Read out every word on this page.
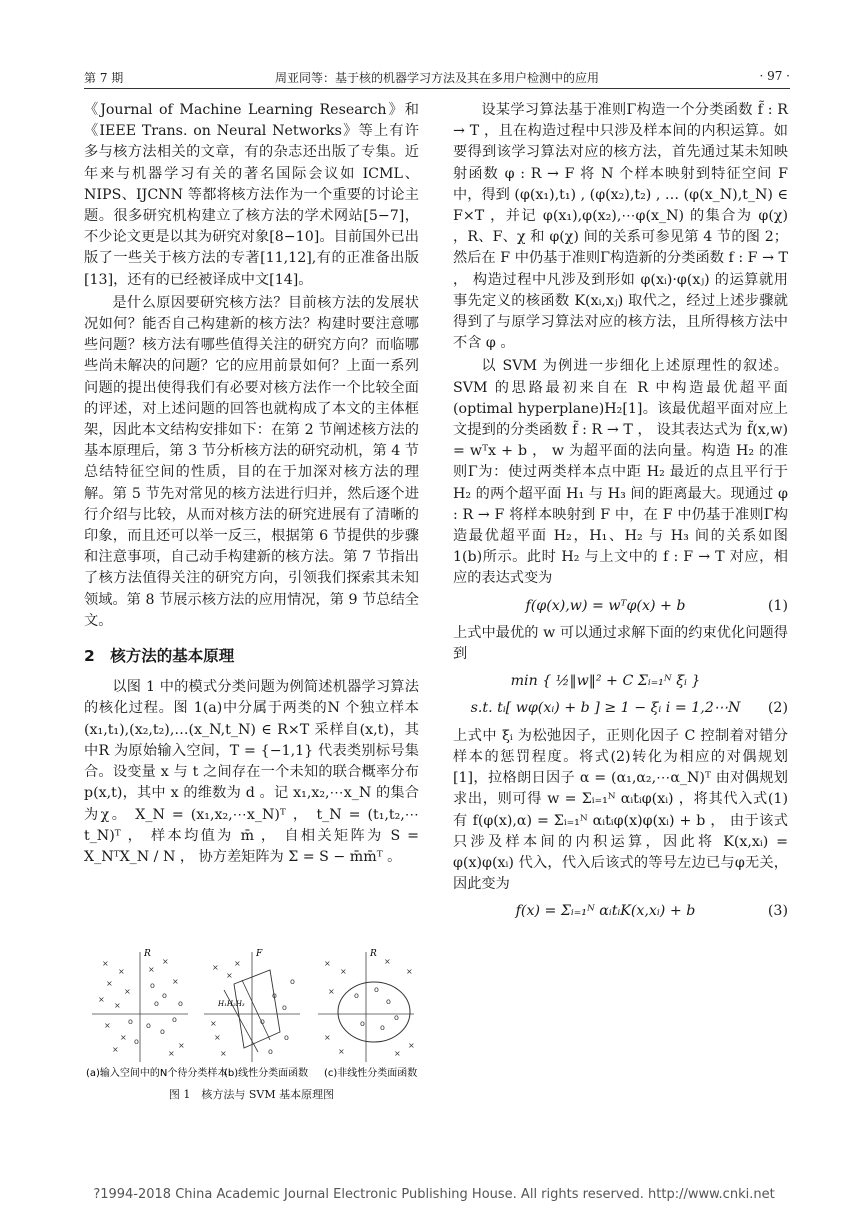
第 7 期	周亚同等：基于核的机器学习方法及其在多用户检测中的应用	· 97 ·

《Journal of Machine Learning Research》和《IEEE Trans. on Neural Networks》等上有许多与核方法相关的文章，有的杂志还出版了专集。近年来与机器学习有关的著名国际会议如 ICML、NIPS、IJCNN 等都将核方法作为一个重要的讨论主题。很多研究机构建立了核方法的学术网站[5−7]，不少论文更是以其为研究对象[8−10]。目前国外已出版了一些关于核方法的专著[11,12],有的正准备出版[13]，还有的已经被译成中文[14]。

是什么原因要研究核方法？目前核方法的发展状况如何？能否自己构建新的核方法？构建时要注意哪些问题？核方法有哪些值得关注的研究方向？而临哪些尚未解决的问题？它的应用前景如何？上面一系列问题的提出使得我们有必要对核方法作一个比较全面的评述，对上述问题的回答也就构成了本文的主体框架，因此本文结构安排如下：在第 2 节阐述核方法的基本原理后，第 3 节分析核方法的研究动机，第 4 节总结特征空间的性质，目的在于加深对核方法的理解。第 5 节先对常见的核方法进行归并，然后逐个进行介绍与比较，从而对核方法的研究进展有了清晰的印象，而且还可以举一反三，根据第 6 节提供的步骤和注意事项，自己动手构建新的核方法。第 7 节指出了核方法值得关注的研究方向，引领我们探索其未知领域。第 8 节展示核方法的应用情况，第 9 节总结全文。

2　核方法的基本原理

以图 1 中的模式分类问题为例简述机器学习算法的核化过程。图 1(a)中分属于两类的N 个独立样本(x₁,t₁),(x₂,t₂),…(x_N,t_N) ∈ R×T 采样自(x,t)，其中R 为原始输入空间，T = {−1,1} 代表类别标号集合。设变量 x 与 t 之间存在一个未知的联合概率分布 p(x,t)，其中 x 的维数为 d 。记 x₁,x₂,⋯x_N 的集合为χ。 X_N = (x₁,x₂,⋯x_N)ᵀ ， t_N = (t₁,t₂,⋯t_N)ᵀ ， 样本均值为 m̄ ， 自相关矩阵为 S = X_NᵀX_N / N ， 协方差矩阵为 Σ = S − m̄m̄ᵀ 。

R
×
×
×
×
×
×
×
×
×
×
×
×	×
×
o
o
o
o
o
o
o
o
o
F
H₁H₂H₃
×
×
×
×
×
×
o
o
o
o
o
o
R
×
×
×
×
×
×
×	×
×
o
o
o
o o
o
(a)输入空间中的N个待分类样本
(b)线性分类面函数 (c)非线性分类面函数
图 1　核方法与 SVM 基本原理图

设某学习算法基于准则Γ构造一个分类函数 f̃ : R → T ，且在构造过程中只涉及样本间的内积运算。如要得到该学习算法对应的核方法，首先通过某未知映射函数 φ : R → F 将 N 个样本映射到特征空间 F 中，得到 (φ(x₁),t₁) , (φ(x₂),t₂) , … (φ(x_N),t_N) ∈ F×T ，并记 φ(x₁),φ(x₂),⋯φ(x_N) 的集合为 φ(χ) ，R、F、χ 和 φ(χ) 间的关系可参见第 4 节的图 2；然后在 F 中仍基于准则Γ构造新的分类函数 f : F → T ， 构造过程中凡涉及到形如 φ(xᵢ)·φ(xⱼ) 的运算就用事先定义的核函数 K(xᵢ,xⱼ) 取代之，经过上述步骤就得到了与原学习算法对应的核方法，且所得核方法中不含 φ 。

以 SVM 为例进一步细化上述原理性的叙述。SVM 的思路最初来自在 R 中构造最优超平面 (optimal hyperplane)H₂[1]。该最优超平面对应上文提到的分类函数 f̃ : R → T ， 设其表达式为 f̃(x,w) = wᵀx + b ， w 为超平面的法向量。构造 H₂ 的准则Γ为：使过两类样本点中距 H₂ 最近的点且平行于 H₂ 的两个超平面 H₁ 与 H₃ 间的距离最大。现通过 φ : R → F 将样本映射到 F 中，在 F 中仍基于准则Γ构造最优超平面 H₂，H₁、H₂ 与 H₃ 间的关系如图 1(b)所示。此时 H₂ 与上文中的 f : F → T 对应，相应的表达式变为

f(φ(x),w) = wᵀφ(x) + b	(1)

上式中最优的 w 可以通过求解下面的约束优化问题得到

min { ½‖w‖² + C Σᵢ₌₁ᴺ ξᵢ }
s.t. tᵢ[ wφ(xᵢ) + b ] ≥ 1 − ξᵢ i = 1,2⋯N	(2)

上式中 ξᵢ 为松弛因子，正则化因子 C 控制着对错分样本的惩罚程度。将式(2)转化为相应的对偶规划[1]，拉格朗日因子 α = (α₁,α₂,⋯α_N)ᵀ 由对偶规划求出，则可得 w = Σᵢ₌₁ᴺ αᵢtᵢφ(xᵢ) ，将其代入式(1)有 f(φ(x),α) = Σᵢ₌₁ᴺ αᵢtᵢφ(x)φ(xᵢ) + b ， 由于该式只涉及样本间的内积运算，因此将 K(x,xᵢ) = φ(x)φ(xᵢ) 代入，代入后该式的等号左边已与φ无关，因此变为

f(x) = Σᵢ₌₁ᴺ αᵢtᵢK(x,xᵢ) + b	(3)
?1994-2018 China Academic Journal Electronic Publishing House. All rights reserved. http://www.cnki.net
